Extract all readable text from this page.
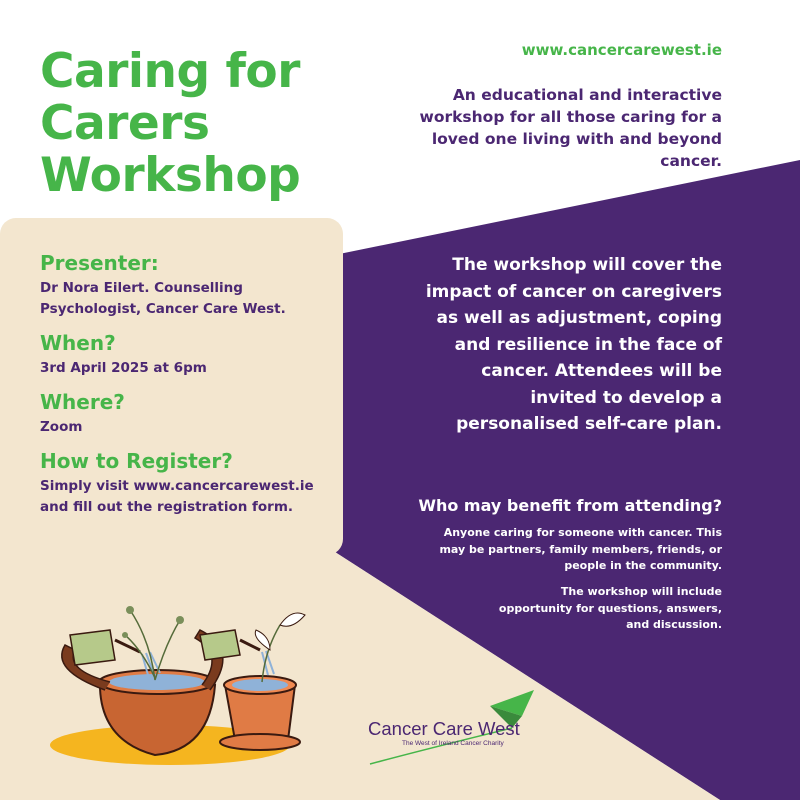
Caring for
Carers
Workshop
www.cancercarewest.ie

An educational and interactive workshop for all those caring for a loved one living with and beyond cancer.

Presenter:

Dr Nora Eilert. Counselling Psychologist, Cancer Care West.

When?

3rd April 2025 at 6pm

Where?

Zoom

How to Register?

Simply visit www.cancercarewest.ie and fill out the registration form.

The workshop will cover the impact of cancer on caregivers as well as adjustment, coping and resilience in the face of cancer. Attendees will be invited to develop a personalised self-care plan.

Who may benefit from attending?

Anyone caring for someone with cancer. This may be partners, family members, friends, or people in the community.

The workshop will include opportunity for questions, answers, and discussion.

Cancer Care West
The West of Ireland Cancer Charity
